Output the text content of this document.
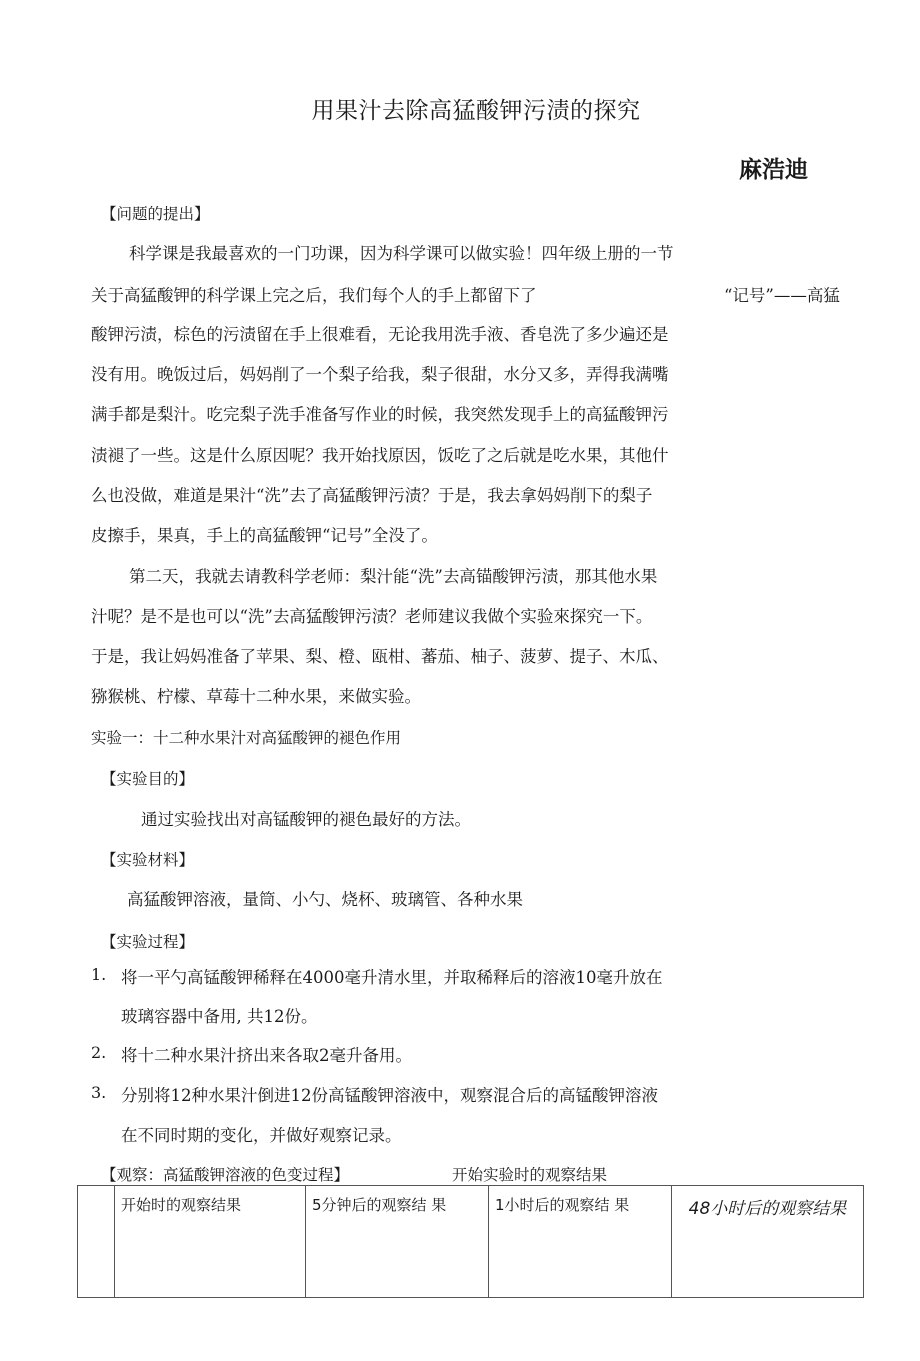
用果汁去除高猛酸钾污渍的探究
麻浩迪
【问题的提出】
科学课是我最喜欢的一门功课，因为科学课可以做实验！四年级上册的一节
关于高猛酸钾的科学课上完之后，我们每个人的手上都留下了	“记号”——高猛
酸钾污渍，棕色的污渍留在手上很难看，无论我用洗手液、香皂洗了多少遍还是
没有用。晚饭过后，妈妈削了一个梨子给我，梨子很甜，水分又多，弄得我满嘴
满手都是梨汁。吃完梨子洗手准备写作业的时候，我突然发现手上的高猛酸钾污
渍褪了一些。这是什么原因呢？我开始找原因，饭吃了之后就是吃水果，其他什
么也没做，难道是果汁“洗”去了高猛酸钾污渍？于是，我去拿妈妈削下的梨子
皮擦手，果真，手上的高猛酸钾“记号”全没了。
第二天，我就去请教科学老师：梨汁能“洗”去高锚酸钾污渍，那其他水果
汁呢？是不是也可以“洗”去高猛酸钾污渍？老师建议我做个实验來探究一下。
于是，我让妈妈准备了苹果、梨、橙、瓯柑、蕃茄、柚子、菠萝、提子、木瓜、
猕猴桃、柠檬、草莓十二种水果，来做实验。
实验一：十二种水果汁对高猛酸钾的褪色作用
【实验目的】
通过实验找出对高锰酸钾的褪色最好的方法。
【实验材料】
高猛酸钾溶液，量筒、小勺、烧杯、玻璃管、各种水果
【实验过程】
1. 将一平勺高锰酸钾稀释在4000毫升清水里，并取稀释后的溶液10毫升放在
玻璃容器中备用, 共12份。
2. 将十二种水果汁挤出来各取2毫升备用。
3. 分别将12种水果汁倒进12份高锰酸钾溶液中，观察混合后的高锰酸钾溶液
在不同时期的变化，并做好观察记录。
【观察：高猛酸钾溶液的色变过程】	开始实验时的观察结果
	开始时的观察结果	5分钟后的观察结 果	1小时后的观察结 果	48小时后的观察结果
